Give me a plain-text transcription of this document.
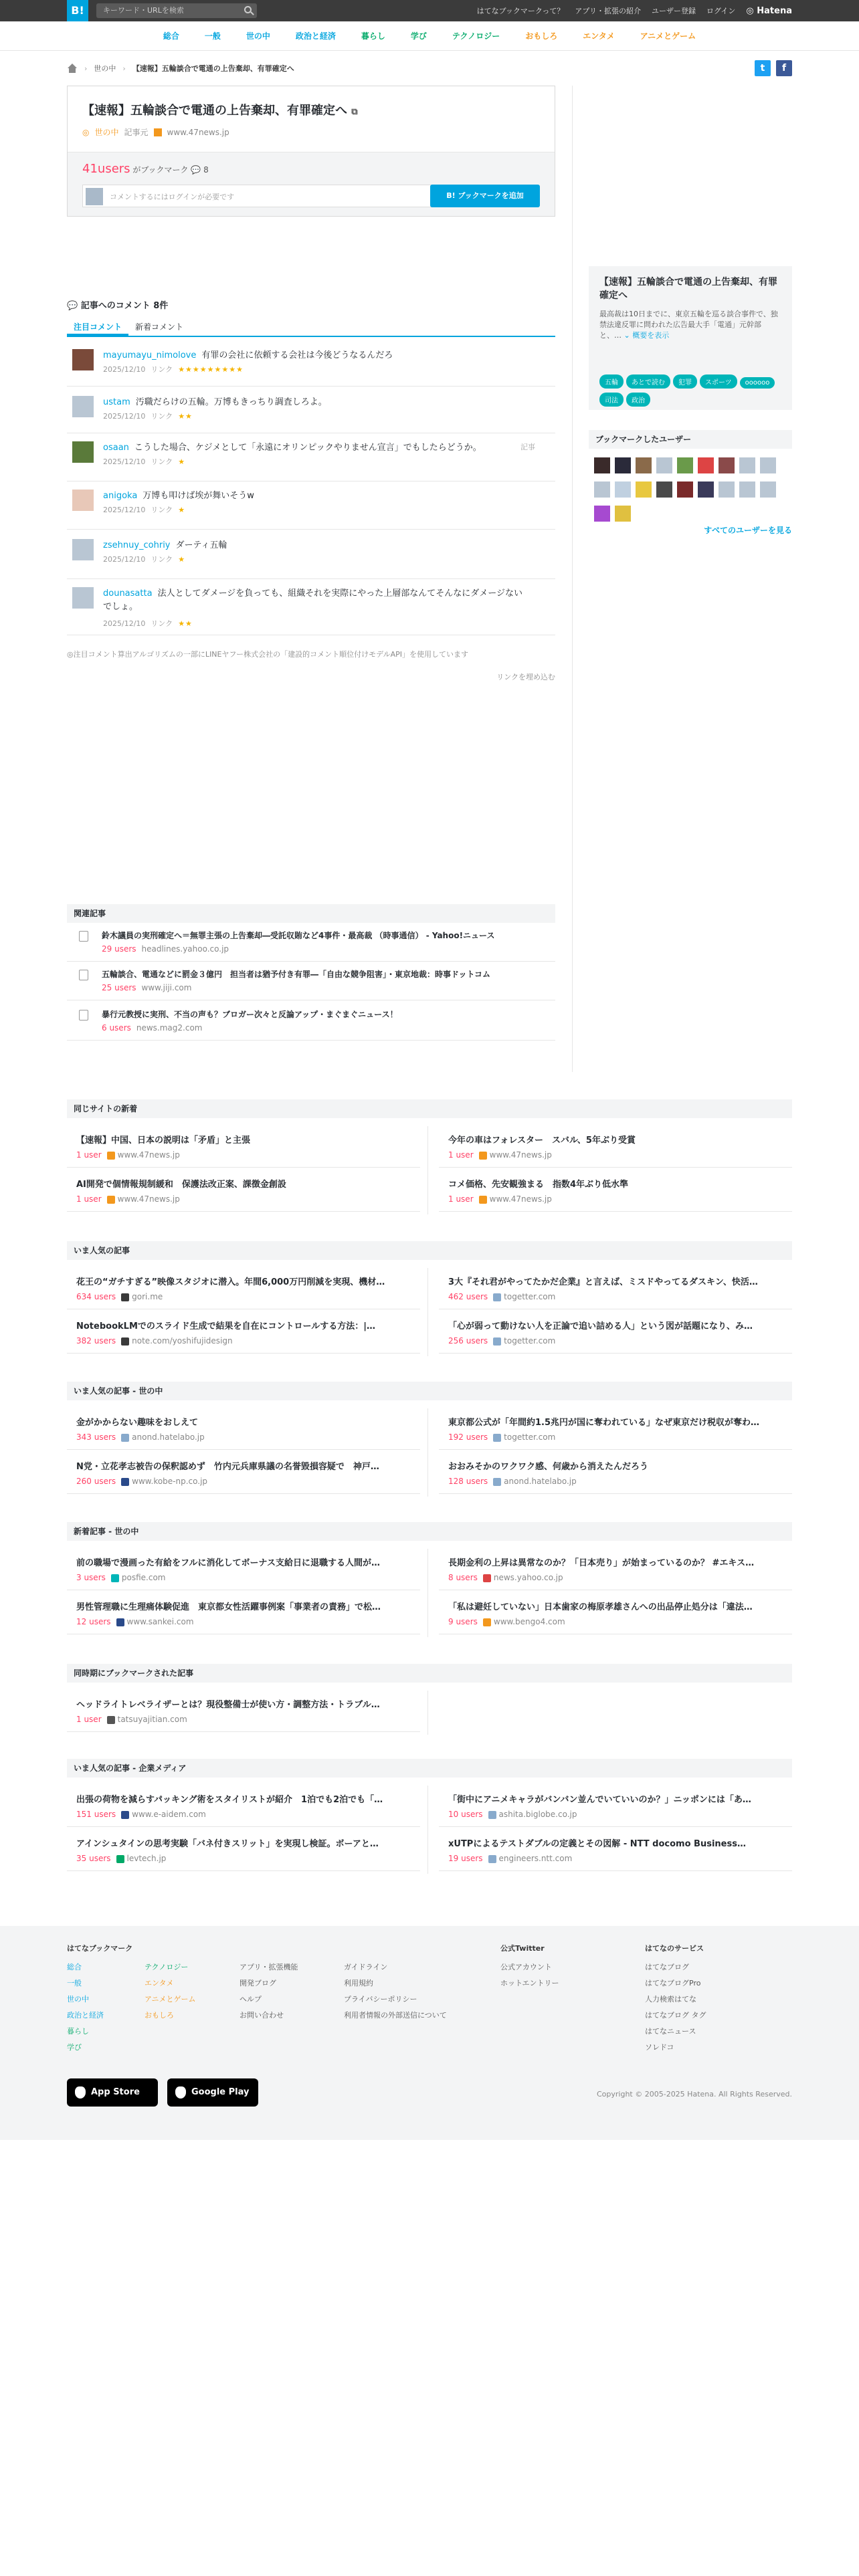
B!	キーワード・URLを検索	はてなブックマークって？ アプリ・拡張の紹介 ユーザー登録 ログイン ◎ Hatena
総合	一般	世の中	政治と経済	暮らし	学び	テクノロジー	おもしろ	エンタメ	アニメとゲーム
› 世の中 › 【速報】五輪談合で電通の上告棄却、有罪確定へ	t	f
【速報】五輪談合で電通の上告棄却、有罪確定へ ⧉
◎ 世の中 記事元 www.47news.jp
41users がブックマーク 💬 8
コメントするにはログインが必要です	B! ブックマークを追加
💬 記事へのコメント 8件
注目コメント	新着コメント
mayumayu_nimolove 有罪の会社に依頼する会社は今後どうなるんだろ
2025/12/10 リンク ★★★★★★★★★
ustam 汚職だらけの五輪。万博もきっちり調査しろよ。
2025/12/10 リンク ★★
osaan こうした場合、ケジメとして「永遠にオリンピックやりません宣言」でもしたらどうか。
2025/12/10 リンク ★
記事
anigoka 万博も叩けば埃が舞いそうw
2025/12/10 リンク ★
zsehnuy_cohriy ダーティ五輪
2025/12/10 リンク ★
dounasatta 法人としてダメージを負っても、組織それを実際にやった上層部なんてそんなにダメージないでしょ。
2025/12/10 リンク ★★
◎注目コメント算出アルゴリズムの一部にLINEヤフー株式会社の「建設的コメント順位付けモデルAPI」を使用しています
リンクを埋め込む
【速報】五輪談合で電通の上告棄却、有罪確定へ
最高裁は10日までに、東京五輪を巡る談合事件で、独禁法違反罪に問われた広告最大手「電通」元幹部と、… ⌄ 概要を表示
五輪 あとで読む 犯罪 スポーツ oooooo司法 政治
ブックマークしたユーザー
すべてのユーザーを見る
関連記事
鈴木議員の実刑確定へ＝無罪主張の上告棄却―受託収賄など4事件・最高裁 （時事通信） - Yahoo!ニュース
29 users headlines.yahoo.co.jp
五輪談合、電通などに罰金３億円　担当者は猶予付き有罪―「自由な競争阻害」・東京地裁：時事ドットコム
25 users www.jiji.com
暴行元教授に実刑、不当の声も？ブロガー次々と反論アップ・まぐまぐニュース！
6 users news.mag2.com
同じサイトの新着
【速報】中国、日本の説明は「矛盾」と主張
1 user www.47news.jp
今年の車はフォレスター　スバル、5年ぶり受賞
1 user www.47news.jp
AI開発で個情報規制緩和　保護法改正案、課徴金創設
1 user www.47news.jp
コメ価格、先安観強まる　指数4年ぶり低水準
1 user www.47news.jp
いま人気の記事
花王の“ガチすぎる”映像スタジオに潜入。年間6,000万円削減を実現、機材…
634 users gori.me
3大『それ君がやってたかだ企業』と言えば、ミスドやってるダスキン、快活…
462 users togetter.com
NotebookLMでのスライド生成で結果を自在にコントロールする方法：|…
382 users note.com/yoshifujidesign
「心が弱って動けない人を正論で追い詰める人」という図が話題になり、み…
256 users togetter.com
いま人気の記事 - 世の中
金がかからない趣味をおしえて
343 users anond.hatelabo.jp
東京都公式が「年間約1.5兆円が国に奪われている」なぜ東京だけ税収が奪わ…
192 users togetter.com
N党・立花孝志被告の保釈認めず　竹内元兵庫県議の名誉毀損容疑で　神戸…
260 users www.kobe-np.co.jp
おおみそかのワクワク感、何歳から消えたんだろう
128 users anond.hatelabo.jp
新着記事 - 世の中
前の職場で漫画った有給をフルに消化してボーナス支給日に退職する人間が…
3 users posfie.com
長期金利の上昇は異常なのか？「日本売り」が始まっているのか？ #エキス…
8 users news.yahoo.co.jp
男性管理職に生理痛体験促進　東京都女性活躍事例案「事業者の責務」で松…
12 users www.sankei.com
「私は避妊していない」日本歯家の梅原孝雄さんへの出品停止処分は「違法…
9 users www.bengo4.com
同時期にブックマークされた記事
ヘッドライトレベライザーとは？現役整備士が使い方・調整方法・トラブル…
1 user tatsuyajitian.com
いま人気の記事 - 企業メディア
出張の荷物を減らすパッキング術をスタイリストが紹介　1泊でも2泊でも「…
151 users www.e-aidem.com
「街中にアニメキャラがバンバン並んでいていいのか？」ニッポンには「あ…
10 users ashita.biglobe.co.jp
アインシュタインの思考実験「バネ付きスリット」を実現し検証。ボーアと…
35 users levtech.jp
xUTPによるテストダブルの定義とその図解 - NTT docomo Business…
19 users engineers.ntt.com
はてなブックマーク
総合
一般
世の中
政治と経済
暮らし
学び
テクノロジー
エンタメ
アニメとゲーム
おもしろ
アプリ・拡張機能
開発ブログ
ヘルプ
お問い合わせ
ガイドライン
利用規約
プライバシーポリシー
利用者情報の外部送信について
公式Twitter
公式アカウント
ホットエントリー
はてなのサービス
はてなブログ
はてなブログPro
人力検索はてな
はてなブログ タグ
はてなニュース
ソレドコ
App Store	Google Play	Copyright © 2005-2025 Hatena. All Rights Reserved.
